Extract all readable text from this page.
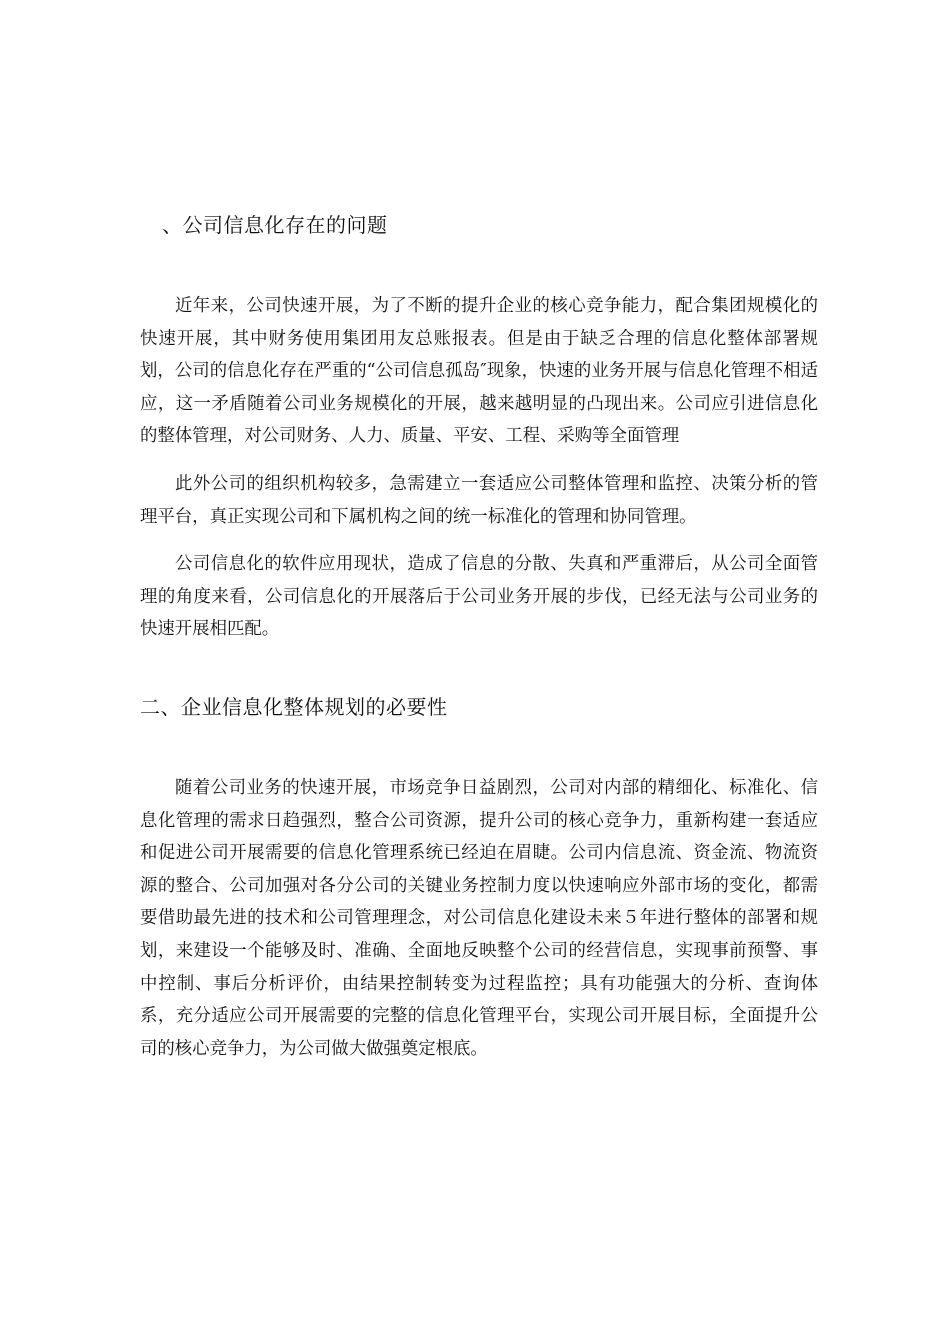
、公司信息化存在的问题

近年来，公司快速开展，为了不断的提升企业的核心竞争能力，配合集团规模化的快速开展，其中财务使用集团用友总账报表。但是由于缺乏合理的信息化整体部署规划，公司的信息化存在严重的“公司信息孤岛″现象，快速的业务开展与信息化管理不相适应，这一矛盾随着公司业务规模化的开展，越来越明显的凸现出来。公司应引进信息化的整体管理，对公司财务、人力、质量、平安、工程、采购等全面管理

此外公司的组织机构较多，急需建立一套适应公司整体管理和监控、决策分析的管理平台，真正实现公司和下属机构之间的统一标准化的管理和协同管理。

公司信息化的软件应用现状，造成了信息的分散、失真和严重滞后，从公司全面管理的角度来看，公司信息化的开展落后于公司业务开展的步伐，已经无法与公司业务的快速开展相匹配。

二、企业信息化整体规划的必要性

随着公司业务的快速开展，市场竞争日益剧烈，公司对内部的精细化、标准化、信息化管理的需求日趋强烈，整合公司资源，提升公司的核心竞争力，重新构建一套适应和促进公司开展需要的信息化管理系统已经迫在眉睫。公司内信息流、资金流、物流资源的整合、公司加强对各分公司的关键业务控制力度以快速响应外部市场的变化，都需要借助最先进的技术和公司管理理念，对公司信息化建设未来５年进行整体的部署和规划，来建设一个能够及时、准确、全面地反映整个公司的经营信息，实现事前预警、事中控制、事后分析评价，由结果控制转变为过程监控；具有功能强大的分析、查询体系，充分适应公司开展需要的完整的信息化管理平台，实现公司开展目标，全面提升公司的核心竞争力，为公司做大做强奠定根底。
